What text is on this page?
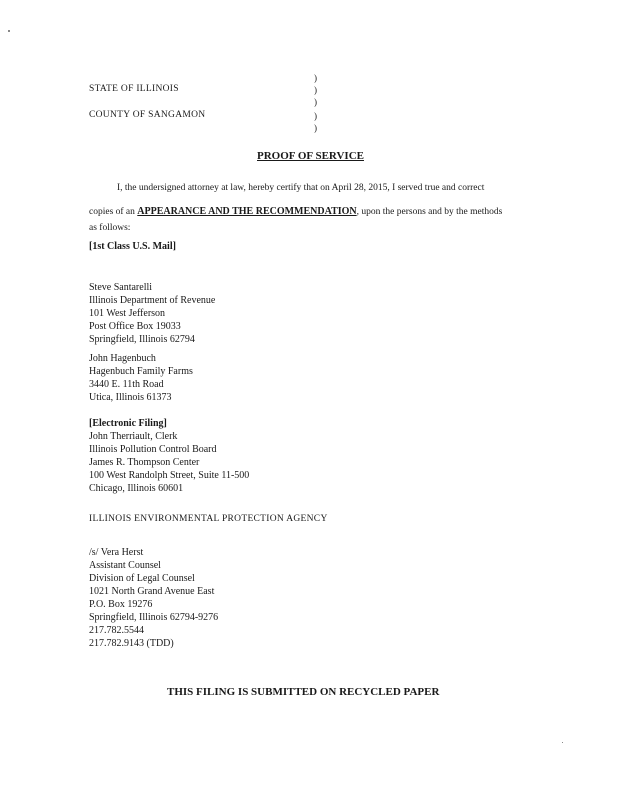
STATE OF ILLINOIS
COUNTY OF SANGAMON
)
)
)
)
)
PROOF OF SERVICE
I, the undersigned attorney at law, hereby certify that on April 28, 2015, I served true and correct
copies of an APPEARANCE AND THE RECOMMENDATION, upon the persons and by the methods
as follows:
[1st Class U.S. Mail]
Steve Santarelli
Illinois Department of Revenue
101 West Jefferson
Post Office Box 19033
Springfield, Illinois 62794
John Hagenbuch
Hagenbuch Family Farms
3440 E. 11th Road
Utica, Illinois 61373
[Electronic Filing]
John Therriault, Clerk
Illinois Pollution Control Board
James R. Thompson Center
100 West Randolph Street, Suite 11-500
Chicago, Illinois 60601
ILLINOIS ENVIRONMENTAL PROTECTION AGENCY
/s/ Vera Herst
Assistant Counsel
Division of Legal Counsel
1021 North Grand Avenue East
P.O. Box 19276
Springfield, Illinois 62794-9276
217.782.5544
217.782.9143 (TDD)
THIS FILING IS SUBMITTED ON RECYCLED PAPER
